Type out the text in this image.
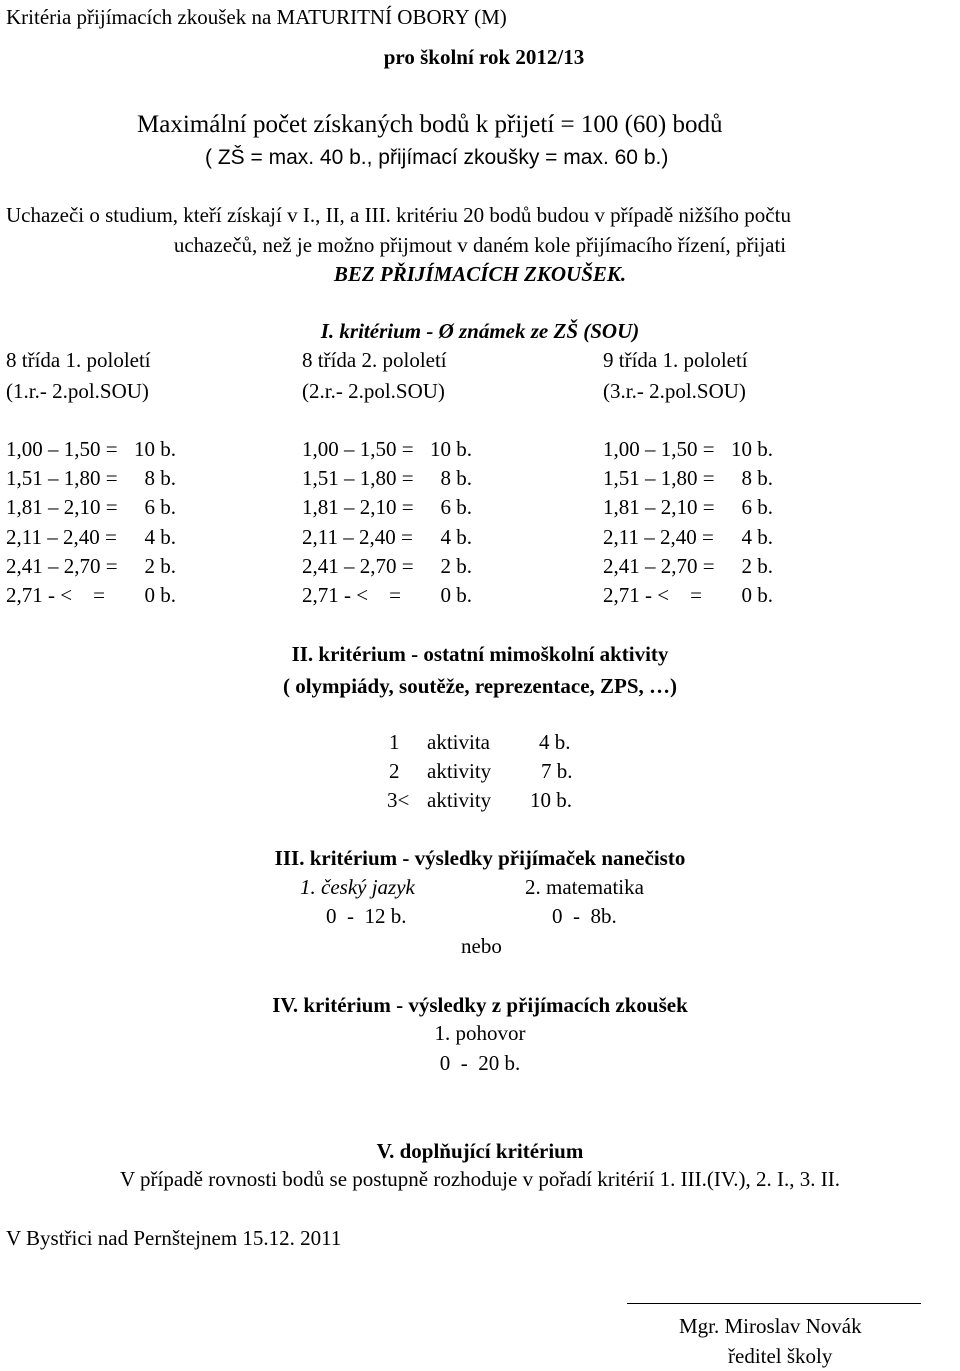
Kritéria přijímacích zkoušek na MATURITNÍ OBORY (M)
pro školní rok 2012/13
Maximální počet získaných bodů k přijetí = 100 (60) bodů
( ZŠ = max. 40 b., přijímací zkoušky = max. 60 b.)
Uchazeči o studium, kteří získají v I., II, a III. kritériu 20 bodů budou v případě nižšího počtu
uchazečů, než je možno přijmout v daném kole přijímacího řízení, přijati
BEZ PŘIJÍMACÍCH ZKOUŠEK.
I. kritérium - Ø známek ze ZŠ (SOU)
8 třída 1. pololetí	8 třída 2. pololetí	9 třída 1. pololetí
(1.r.- 2.pol.SOU)	(2.r.- 2.pol.SOU)	(3.r.- 2.pol.SOU)
1,00 – 1,50 = 10 b.	1,00 – 1,50 = 10 b.	1,00 – 1,50 = 10 b.
1,51 – 1,80 =	8 b.	1,51 – 1,80 =	8 b.	1,51 – 1,80 =	8 b.
1,81 – 2,10 =	6 b.	1,81 – 2,10 =	6 b.	1,81 – 2,10 =	6 b.
2,11 – 2,40 =	4 b.	2,11 – 2,40 =	4 b.	2,11 – 2,40 =	4 b.
2,41 – 2,70 =	2 b.	2,41 – 2,70 =	2 b.	2,41 – 2,70 =	2 b.
2,71 - <    =	0 b.	2,71 - <    =	0 b.	2,71 - <    =	0 b.
II. kritérium - ostatní mimoškolní aktivity
( olympiády, soutěže, reprezentace, ZPS, …)
1 aktivita 4 b.
2 aktivity 7 b.
3< aktivity 10 b.
III. kritérium - výsledky přijímaček nanečisto
1. český jazyk	2. matematika
0  -  12 b.	0  -  8b.
nebo
IV. kritérium - výsledky z přijímacích zkoušek
1. pohovor
0  -  20 b.
V. doplňující kritérium
V případě rovnosti bodů se postupně rozhoduje v pořadí kritérií 1. III.(IV.), 2. I., 3. II.
V Bystřici nad Pernštejnem 15.12. 2011
Mgr. Miroslav Novák
ředitel školy
